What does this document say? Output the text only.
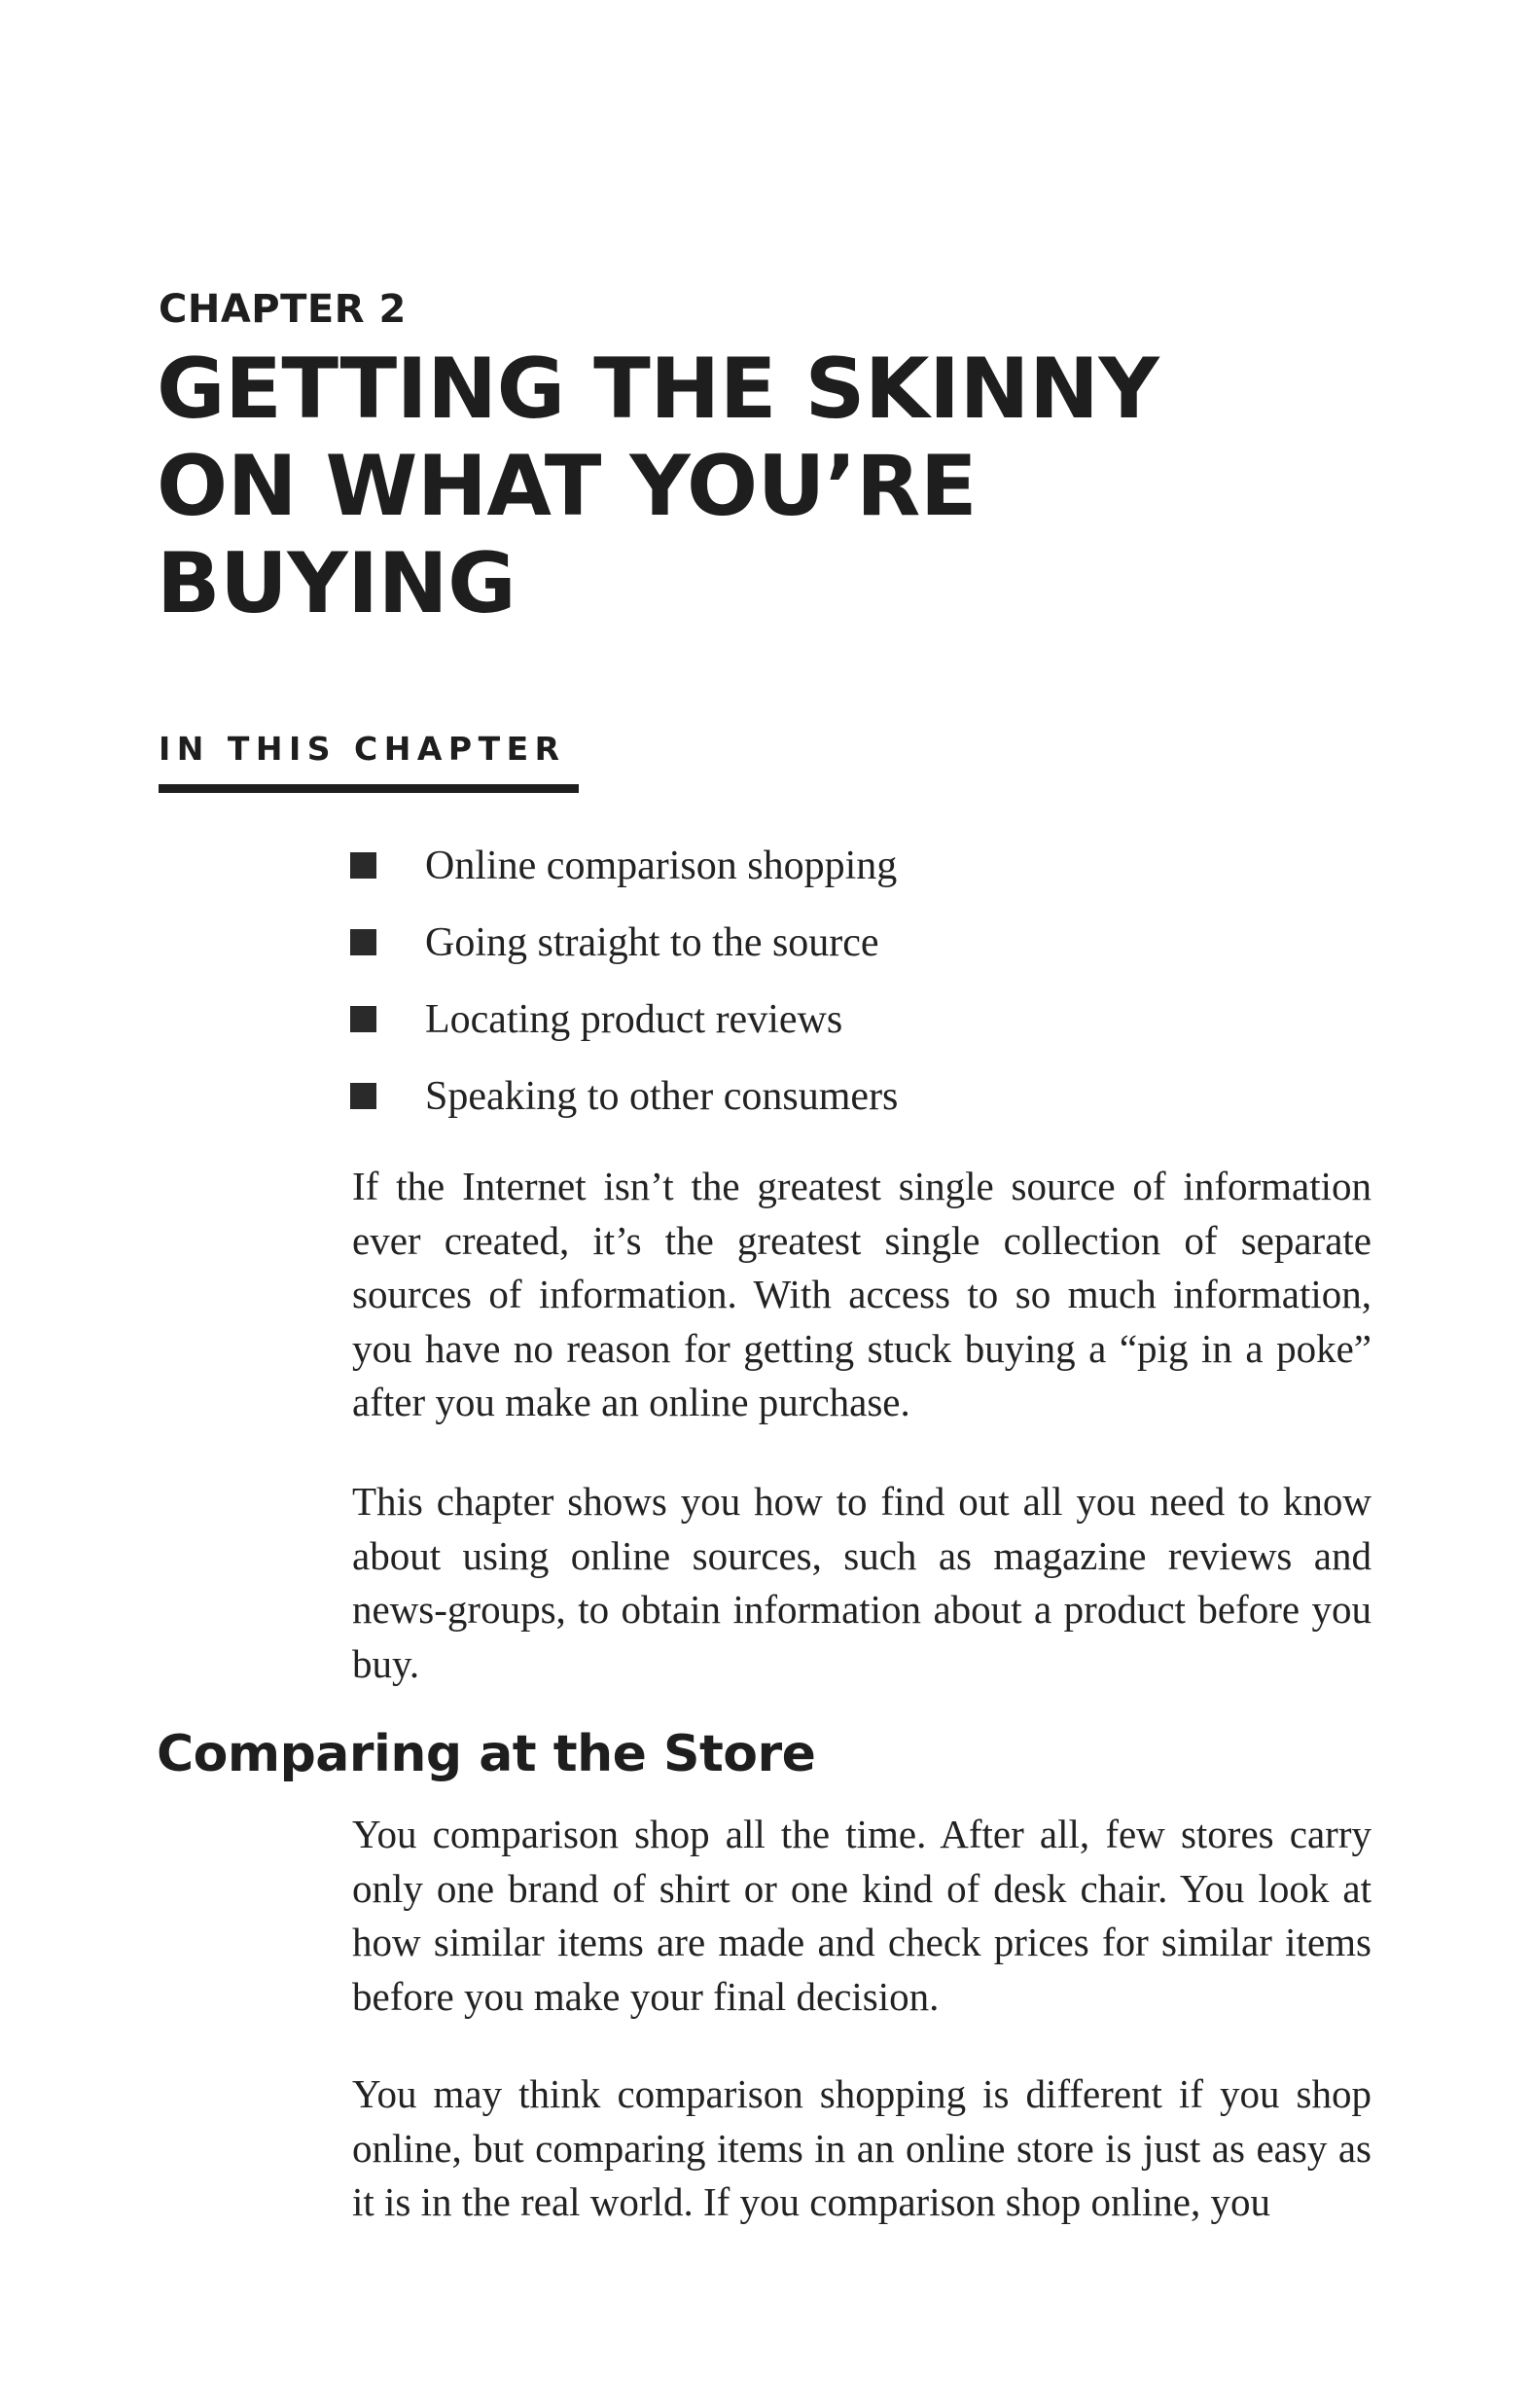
CHAPTER 2
GETTING THE SKINNY
ON WHAT YOU’RE
BUYING
IN THIS CHAPTER
Online comparison shopping
Going straight to the source
Locating product reviews
Speaking to other consumers

If the Internet isn’t the greatest single source of information ever created, it’s the greatest single collection of separate sources of information. With access to so much information, you have no reason for getting stuck buying a “pig in a poke” after you make an online purchase.

This chapter shows you how to find out all you need to know about using online sources, such as magazine reviews and news-groups, to obtain information about a product before you buy.

Comparing at the Store

You comparison shop all the time. After all, few stores carry only one brand of shirt or one kind of desk chair. You look at how similar items are made and check prices for similar items before you make your final decision.

You may think comparison shopping is different if you shop online, but comparing items in an online store is just as easy as it is in the real world. If you comparison shop online, you
